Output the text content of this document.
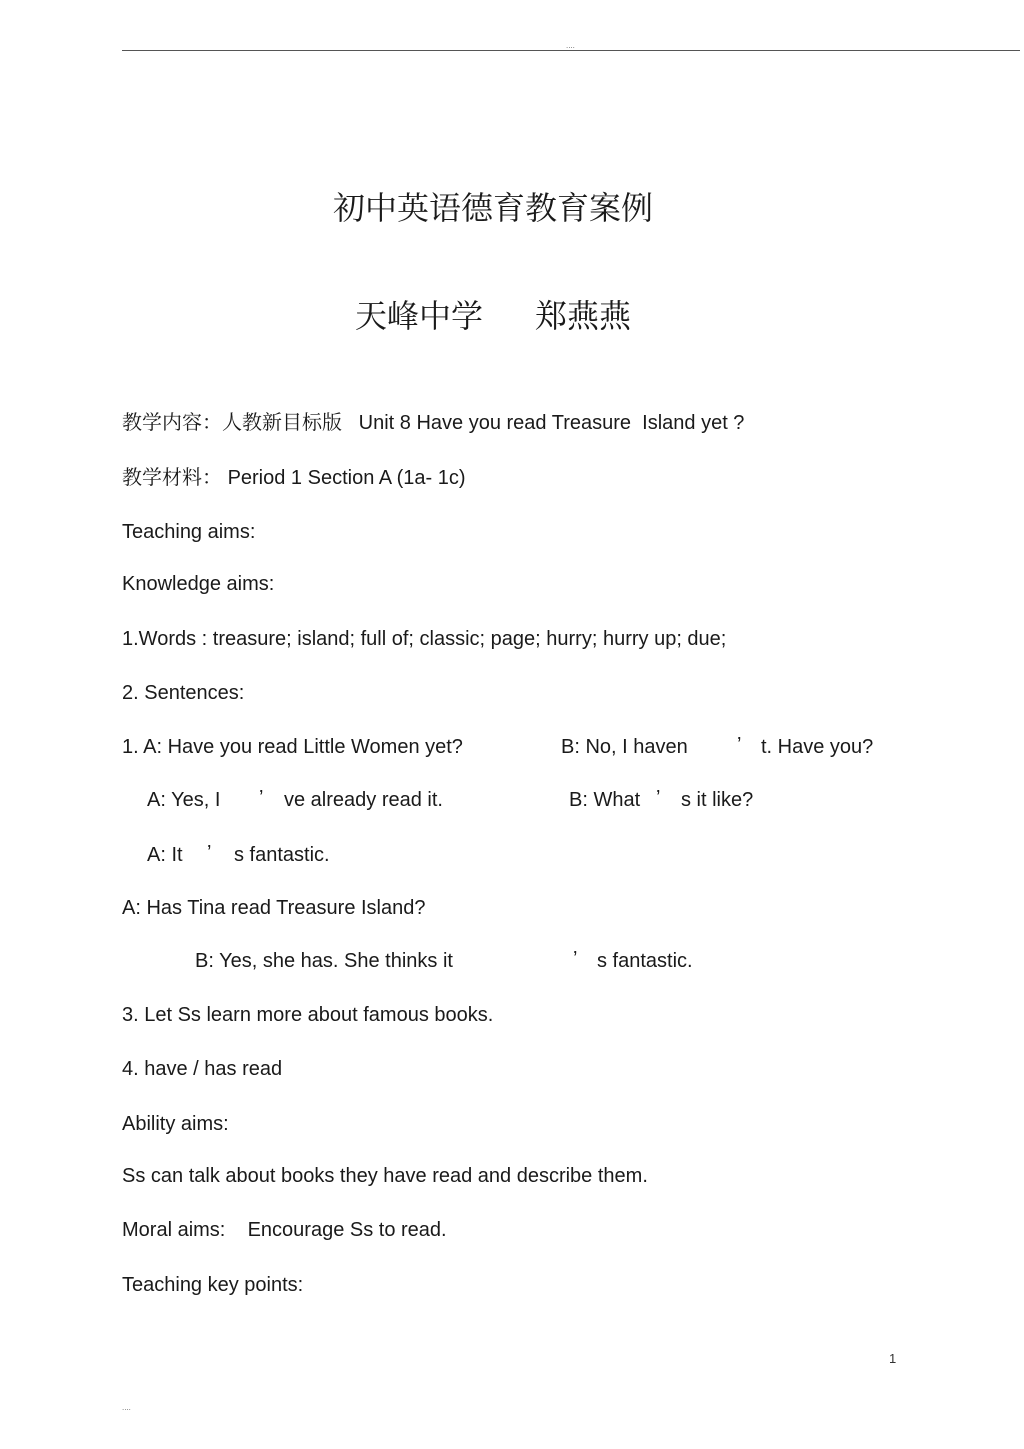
....
初中英语德育教育案例
天峰中学 郑燕燕

教学内容：人教新目标版 Unit 8 Have you read Treasure  Island yet ?

教学材料： Period 1 Section A (1a- 1c)

Teaching aims:

Knowledge aims:

1.Words : treasure; island; full of; classic; page; hurry; hurry up; due;

2. Sentences:

1. A: Have you read Little Women yet?	B: No, I haven ’ t. Have you?

A: Yes, I ’ ve already read it.	B: What ’ s it like?

A: It ’ s fantastic.

A: Has Tina read Treasure Island?

B: Yes, she has. She thinks it	’ s fantastic.

3. Let Ss learn more about famous books.

4. have / has read

Ability aims:

Ss can talk about books they have read and describe them.

Moral aims: Encourage Ss to read.

Teaching key points:

1
....
